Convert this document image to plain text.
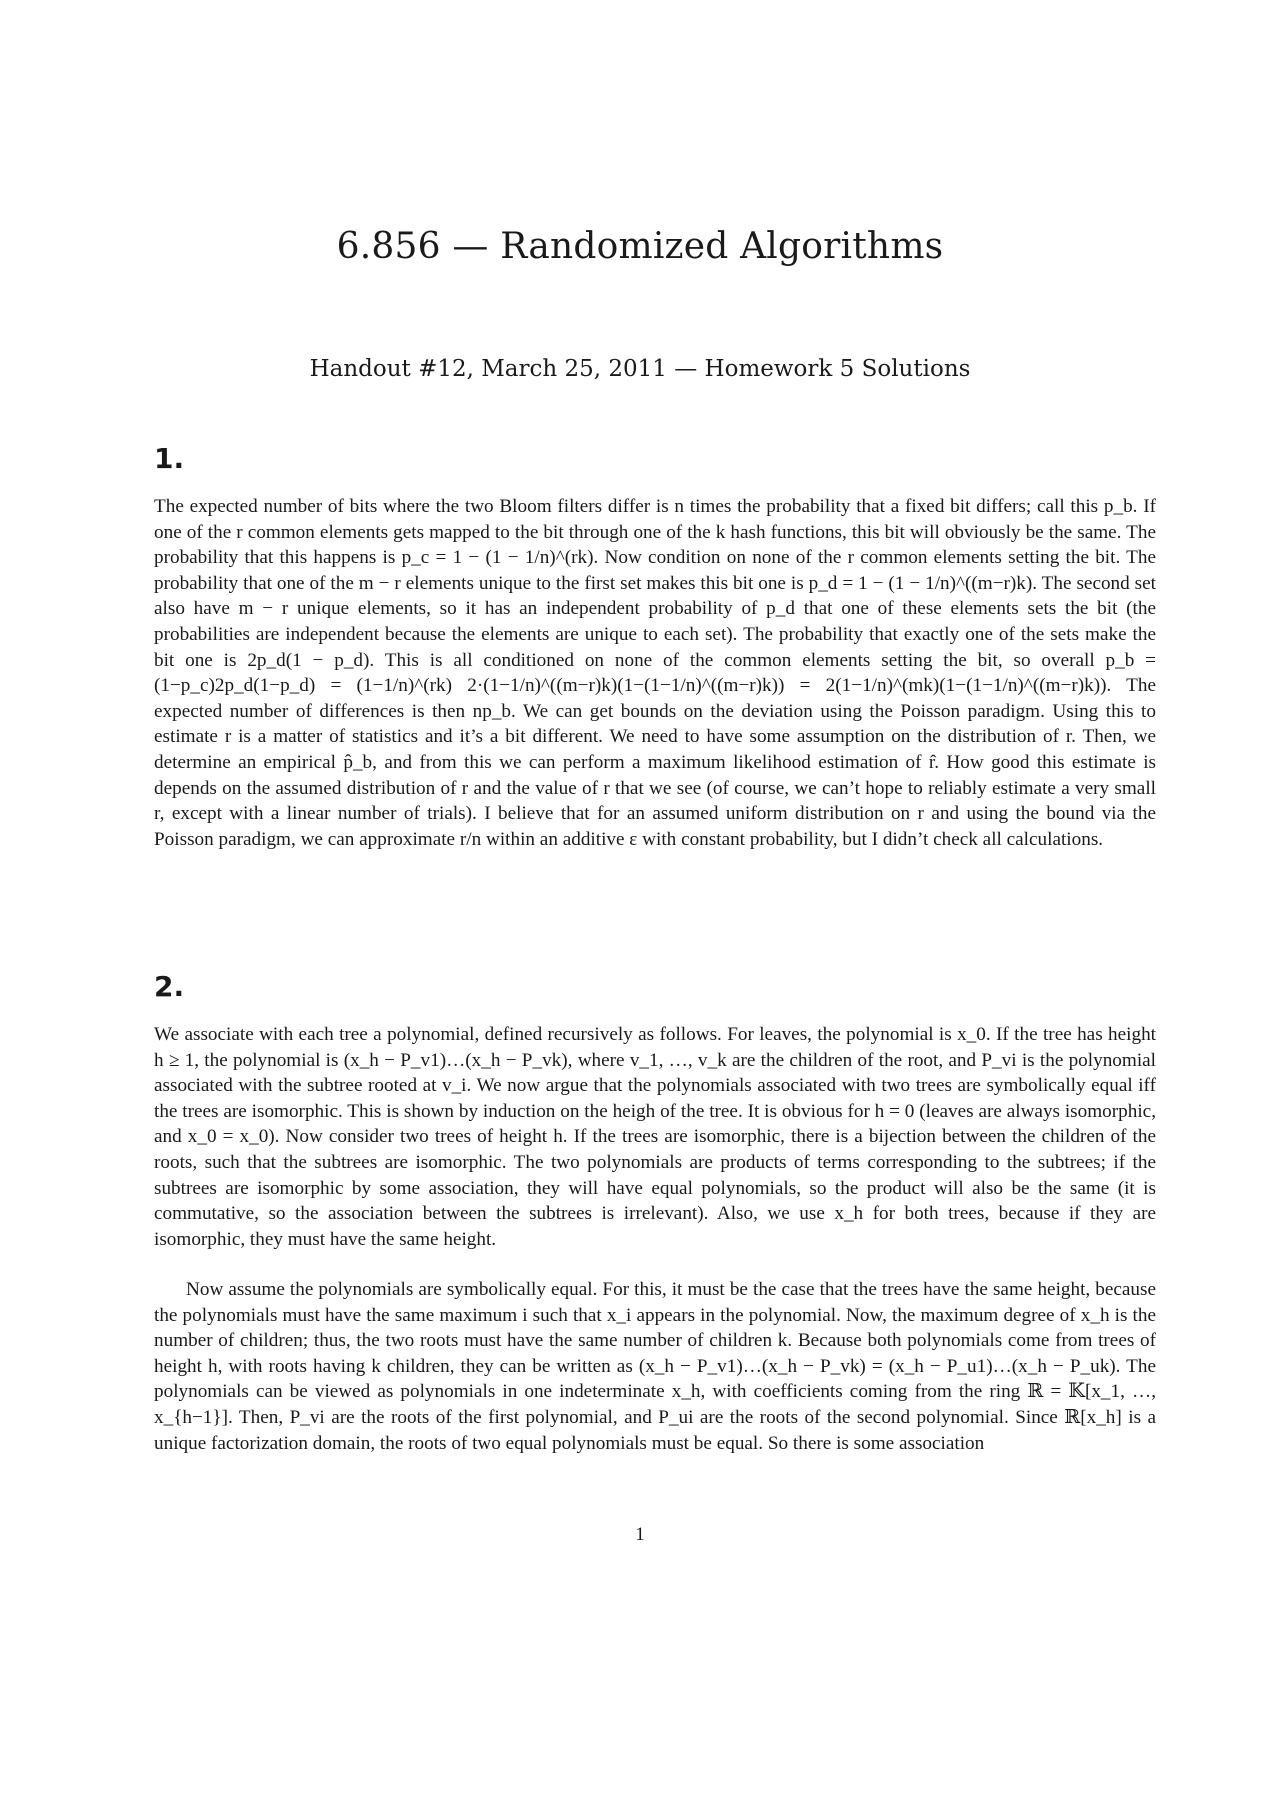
6.856 — Randomized Algorithms
Handout #12, March 25, 2011 — Homework 5 Solutions
1.
The expected number of bits where the two Bloom filters differ is n times the probability that a fixed bit differs; call this p_b. If one of the r common elements gets mapped to the bit through one of the k hash functions, this bit will obviously be the same. The probability that this happens is p_c = 1 − (1 − 1/n)^(rk). Now condition on none of the r common elements setting the bit. The probability that one of the m − r elements unique to the first set makes this bit one is p_d = 1 − (1 − 1/n)^((m−r)k). The second set also have m − r unique elements, so it has an independent probability of p_d that one of these elements sets the bit (the probabilities are independent because the elements are unique to each set). The probability that exactly one of the sets make the bit one is 2p_d(1 − p_d). This is all conditioned on none of the common elements setting the bit, so overall p_b = (1−p_c)2p_d(1−p_d) = (1−1/n)^(rk) 2·(1−1/n)^((m−r)k)(1−(1−1/n)^((m−r)k)) = 2(1−1/n)^(mk)(1−(1−1/n)^((m−r)k)). The expected number of differences is then np_b. We can get bounds on the deviation using the Poisson paradigm. Using this to estimate r is a matter of statistics and it’s a bit different. We need to have some assumption on the distribution of r. Then, we determine an empirical p̂_b, and from this we can perform a maximum likelihood estimation of r̂. How good this estimate is depends on the assumed distribution of r and the value of r that we see (of course, we can’t hope to reliably estimate a very small r, except with a linear number of trials). I believe that for an assumed uniform distribution on r and using the bound via the Poisson paradigm, we can approximate r/n within an additive ε with constant probability, but I didn’t check all calculations.
2.
We associate with each tree a polynomial, defined recursively as follows. For leaves, the polynomial is x_0. If the tree has height h ≥ 1, the polynomial is (x_h − P_v1)…(x_h − P_vk), where v_1, …, v_k are the children of the root, and P_vi is the polynomial associated with the subtree rooted at v_i. We now argue that the polynomials associated with two trees are symbolically equal iff the trees are isomorphic. This is shown by induction on the heigh of the tree. It is obvious for h = 0 (leaves are always isomorphic, and x_0 = x_0). Now consider two trees of height h. If the trees are isomorphic, there is a bijection between the children of the roots, such that the subtrees are isomorphic. The two polynomials are products of terms corresponding to the subtrees; if the subtrees are isomorphic by some association, they will have equal polynomials, so the product will also be the same (it is commutative, so the association between the subtrees is irrelevant). Also, we use x_h for both trees, because if they are isomorphic, they must have the same height.
Now assume the polynomials are symbolically equal. For this, it must be the case that the trees have the same height, because the polynomials must have the same maximum i such that x_i appears in the polynomial. Now, the maximum degree of x_h is the number of children; thus, the two roots must have the same number of children k. Because both polynomials come from trees of height h, with roots having k children, they can be written as (x_h − P_v1)…(x_h − P_vk) = (x_h − P_u1)…(x_h − P_uk). The polynomials can be viewed as polynomials in one indeterminate x_h, with coefficients coming from the ring ℝ = 𝕂[x_1, …, x_{h−1}]. Then, P_vi are the roots of the first polynomial, and P_ui are the roots of the second polynomial. Since ℝ[x_h] is a unique factorization domain, the roots of two equal polynomials must be equal. So there is some association
1
